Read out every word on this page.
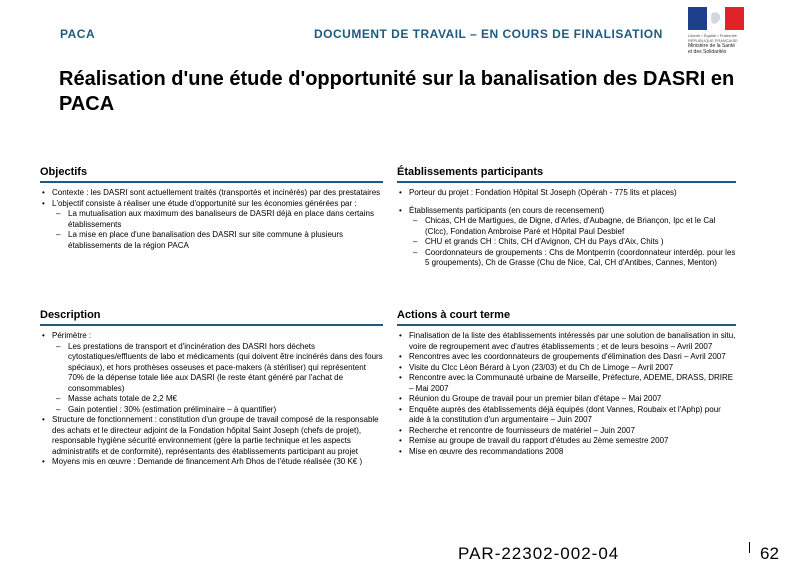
PACA	DOCUMENT DE TRAVAIL – EN COURS DE FINALISATION	Liberté • Égalité • Fraternité
RÉPUBLIQUE FRANÇAISE
Ministère de la Santé
et des Solidarités
Réalisation d'une étude d'opportunité sur la banalisation des DASRI en PACA
Objectifs
• Contexte : les DASRI sont actuellement traités (transportés et incinérés) par des prestataires
• L'objectif consiste à réaliser une étude d'opportunité sur les économies générées par :
– La mutualisation aux maximum des banaliseurs de DASRI déjà en place dans certains établissements
– La mise en place d'une banalisation des DASRI sur site commune à plusieurs établissements de la région PACA
Établissements participants
• Porteur du projet : Fondation Hôpital St Joseph (Opérah - 775 lits et places)
• Établissements participants (en cours de recensement)
– Chicas, CH de Martigues, de Digne, d'Arles, d'Aubagne, de Briançon, Ipc et le Cal (Clcc), Fondation Ambroise Paré et Hôpital Paul Desbief
– CHU et grands CH : Chits, CH d'Avignon, CH du Pays d'Aix, Chits )
– Coordonnateurs de groupements : Chs de Montperrin (coordonnateur interdép. pour les 5 groupements), Ch de Grasse (Chu de Nice, Cal, CH d'Antibes, Cannes, Menton)
Description
• Périmètre :
– Les prestations de transport et d'incinération des DASRI hors déchets cytostatiques/effluents de labo et médicaments (qui doivent être incinérés dans des fours spéciaux), et hors prothèses osseuses et pace-makers (à stériliser) qui représentent 70% de la dépense totale liée aux DASRI (le reste étant généré par l'achat de consommables)
– Masse achats totale de 2,2 M€
– Gain potentiel : 30% (estimation préliminaire – à quantifier)
• Structure de fonctionnement : constitution d'un groupe de travail composé de la responsable des achats et le directeur adjoint de la Fondation hôpital Saint Joseph (chefs de projet), responsable hygiène sécurité environnement (gère la partie technique et les aspects administratifs et de conformité), représentants des établissements participant au projet
• Moyens mis en œuvre : Demande de financement Arh Dhos de l'étude réalisée (30 K€ )
Actions à court terme
• Finalisation de la liste des établissements intéressés par une solution de banalisation in situ, voire de regroupement avec d'autres établissements ; et de leurs besoins – Avril 2007
• Rencontres avec les coordonnateurs de groupements d'élimination des Dasri – Avril 2007
• Visite du Clcc Léon Bérard à Lyon (23/03) et du Ch de Limoge – Avril 2007
• Rencontre avec la Communauté urbaine de Marseille, Préfecture, ADEME, DRASS, DRIRE – Mai 2007
• Réunion du Groupe de travail pour un premier bilan d'étape – Mai 2007
• Enquête auprès des établissements déjà équipés (dont Vannes, Roubaix et l'Aphp) pour aide à la constitution d'un argumentaire – Juin 2007
• Recherche et rencontre de fournisseurs de matériel – Juin 2007
• Remise au groupe de travail du rapport d'études au 2ème semestre 2007
• Mise en œuvre des recommandations 2008
PAR-22302-002-04	62
